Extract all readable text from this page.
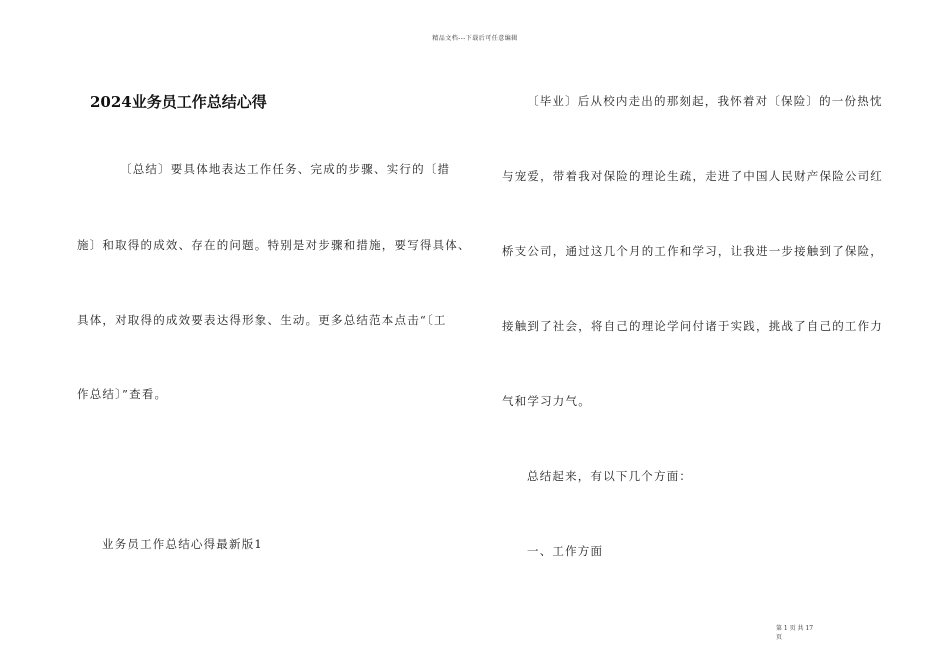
精品文档---下载后可任意编辑
2024业务员工作总结心得
〔总结〕要具体地表达工作任务、完成的步骤、实行的〔措
施〕和取得的成效、存在的问题。特别是对步骤和措施，要写得具体、
具体，对取得的成效要表达得形象、生动。更多总结范本点击“〔工
作总结〕”查看。
业务员工作总结心得最新版1
〔毕业〕后从校内走出的那刻起，我怀着对〔保险〕的一份热忱
与宠爱，带着我对保险的理论生疏，走进了中国人民财产保险公司红
桥支公司，通过这几个月的工作和学习，让我进一步接触到了保险，
接触到了社会，将自己的理论学问付诸于实践，挑战了自己的工作力
气和学习力气。
总结起来，有以下几个方面：
一、工作方面
第 1 页 共 17
页
